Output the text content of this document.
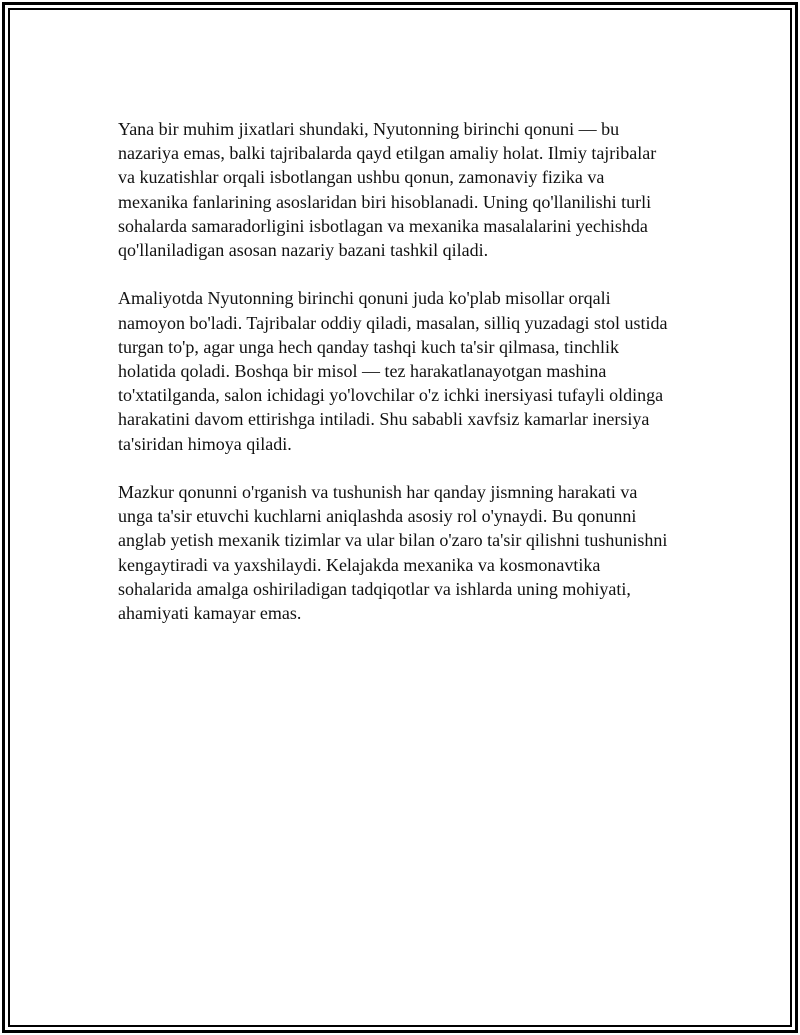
Yana bir muhim jixatlari shundaki, Nyutonning birinchi qonuni — bu
nazariya emas, balki tajribalarda qayd etilgan amaliy holat. Ilmiy tajribalar
va kuzatishlar orqali isbotlangan ushbu qonun, zamonaviy fizika va
mexanika fanlarining asoslaridan biri hisoblanadi. Uning qo'llanilishi turli
sohalarda samaradorligini isbotlagan va mexanika masalalarini yechishda
qo'llaniladigan asosan nazariy bazani tashkil qiladi.
Amaliyotda Nyutonning birinchi qonuni juda ko'plab misollar orqali
namoyon bo'ladi. Tajribalar oddiy qiladi, masalan, silliq yuzadagi stol ustida
turgan to'p, agar unga hech qanday tashqi kuch ta'sir qilmasa, tinchlik
holatida qoladi. Boshqa bir misol — tez harakatlanayotgan mashina
to'xtatilganda, salon ichidagi yo'lovchilar o'z ichki inersiyasi tufayli oldinga
harakatini davom ettirishga intiladi. Shu sababli xavfsiz kamarlar inersiya
ta'siridan himoya qiladi.
Mazkur qonunni o'rganish va tushunish har qanday jismning harakati va
unga ta'sir etuvchi kuchlarni aniqlashda asosiy rol o'ynaydi. Bu qonunni
anglab yetish mexanik tizimlar va ular bilan o'zaro ta'sir qilishni tushunishni
kengaytiradi va yaxshilaydi. Kelajakda mexanika va kosmonavtika
sohalarida amalga oshiriladigan tadqiqotlar va ishlarda uning mohiyati,
ahamiyati kamayar emas.
